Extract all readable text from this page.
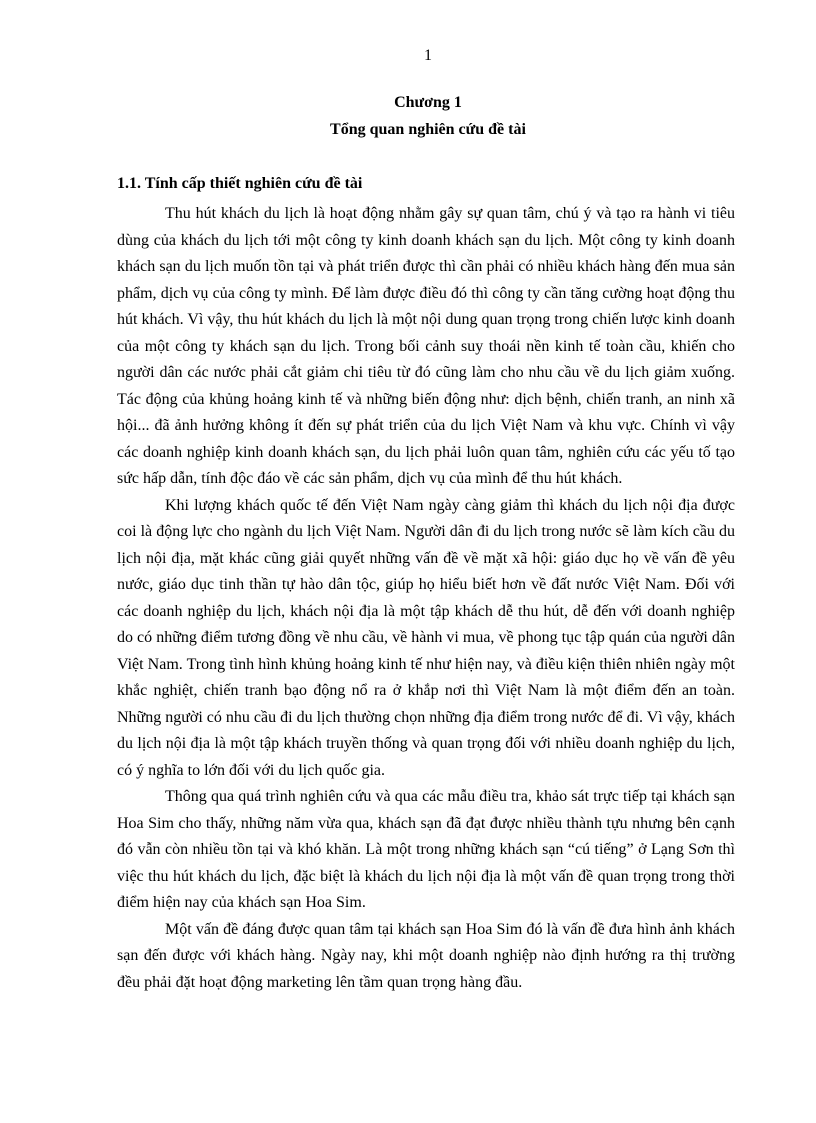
1
Chương 1
Tổng quan nghiên cứu đề tài
1.1. Tính cấp thiết nghiên cứu đề tài

Thu hút khách du lịch là hoạt động nhằm gây sự quan tâm, chú ý và tạo ra hành vi tiêu dùng của khách du lịch tới một công ty kinh doanh khách sạn du lịch. Một công ty kinh doanh khách sạn du lịch muốn tồn tại và phát triển được thì cần phải có nhiều khách hàng đến mua sản phẩm, dịch vụ của công ty mình. Để làm được điều đó thì công ty cần tăng cường hoạt động thu hút khách. Vì vậy, thu hút khách du lịch là một nội dung quan trọng trong chiến lược kinh doanh của một công ty khách sạn du lịch. Trong bối cảnh suy thoái nền kinh tế toàn cầu, khiến cho người dân các nước phải cắt giảm chi tiêu từ đó cũng làm cho nhu cầu về du lịch giảm xuống. Tác động của khủng hoảng kinh tế và những biến động như: dịch bệnh, chiến tranh, an ninh xã hội... đã ảnh hưởng không ít đến sự phát triển của du lịch Việt Nam và khu vực. Chính vì vậy các doanh nghiệp kinh doanh khách sạn, du lịch phải luôn quan tâm, nghiên cứu các yếu tố tạo sức hấp dẫn, tính độc đáo về các sản phẩm, dịch vụ của mình để thu hút khách.

Khi lượng khách quốc tế đến Việt Nam ngày càng giảm thì khách du lịch nội địa được coi là động lực cho ngành du lịch Việt Nam. Người dân đi du lịch trong nước sẽ làm kích cầu du lịch nội địa, mặt khác cũng giải quyết những vấn đề về mặt xã hội: giáo dục họ về vấn đề yêu nước, giáo dục tinh thần tự hào dân tộc, giúp họ hiểu biết hơn về đất nước Việt Nam. Đối với các doanh nghiệp du lịch, khách nội địa là một tập khách dễ thu hút, dễ đến với doanh nghiệp do có những điểm tương đồng về nhu cầu, về hành vi mua, về phong tục tập quán của người dân Việt Nam. Trong tình hình khủng hoảng kinh tế như hiện nay, và điều kiện thiên nhiên ngày một khắc nghiệt, chiến tranh bạo động nổ ra ở khắp nơi thì Việt Nam là một điểm đến an toàn. Những người có nhu cầu đi du lịch thường chọn những địa điểm trong nước để đi. Vì vậy, khách du lịch nội địa là một tập khách truyền thống và quan trọng đối với nhiều doanh nghiệp du lịch, có ý nghĩa to lớn đối với du lịch quốc gia.

Thông qua quá trình nghiên cứu và qua các mẫu điều tra, khảo sát trực tiếp tại khách sạn Hoa Sim cho thấy, những năm vừa qua, khách sạn đã đạt được nhiều thành tựu nhưng bên cạnh đó vẫn còn nhiều tồn tại và khó khăn. Là một trong những khách sạn “cú tiếng” ở Lạng Sơn thì việc thu hút khách du lịch, đặc biệt là khách du lịch nội địa là một vấn đề quan trọng trong thời điểm hiện nay của khách sạn Hoa Sim.

Một vấn đề đáng được quan tâm tại khách sạn Hoa Sim đó là vấn đề đưa hình ảnh khách sạn đến được với khách hàng. Ngày nay, khi một doanh nghiệp nào định hướng ra thị trường đều phải đặt hoạt động marketing lên tầm quan trọng hàng đầu.
